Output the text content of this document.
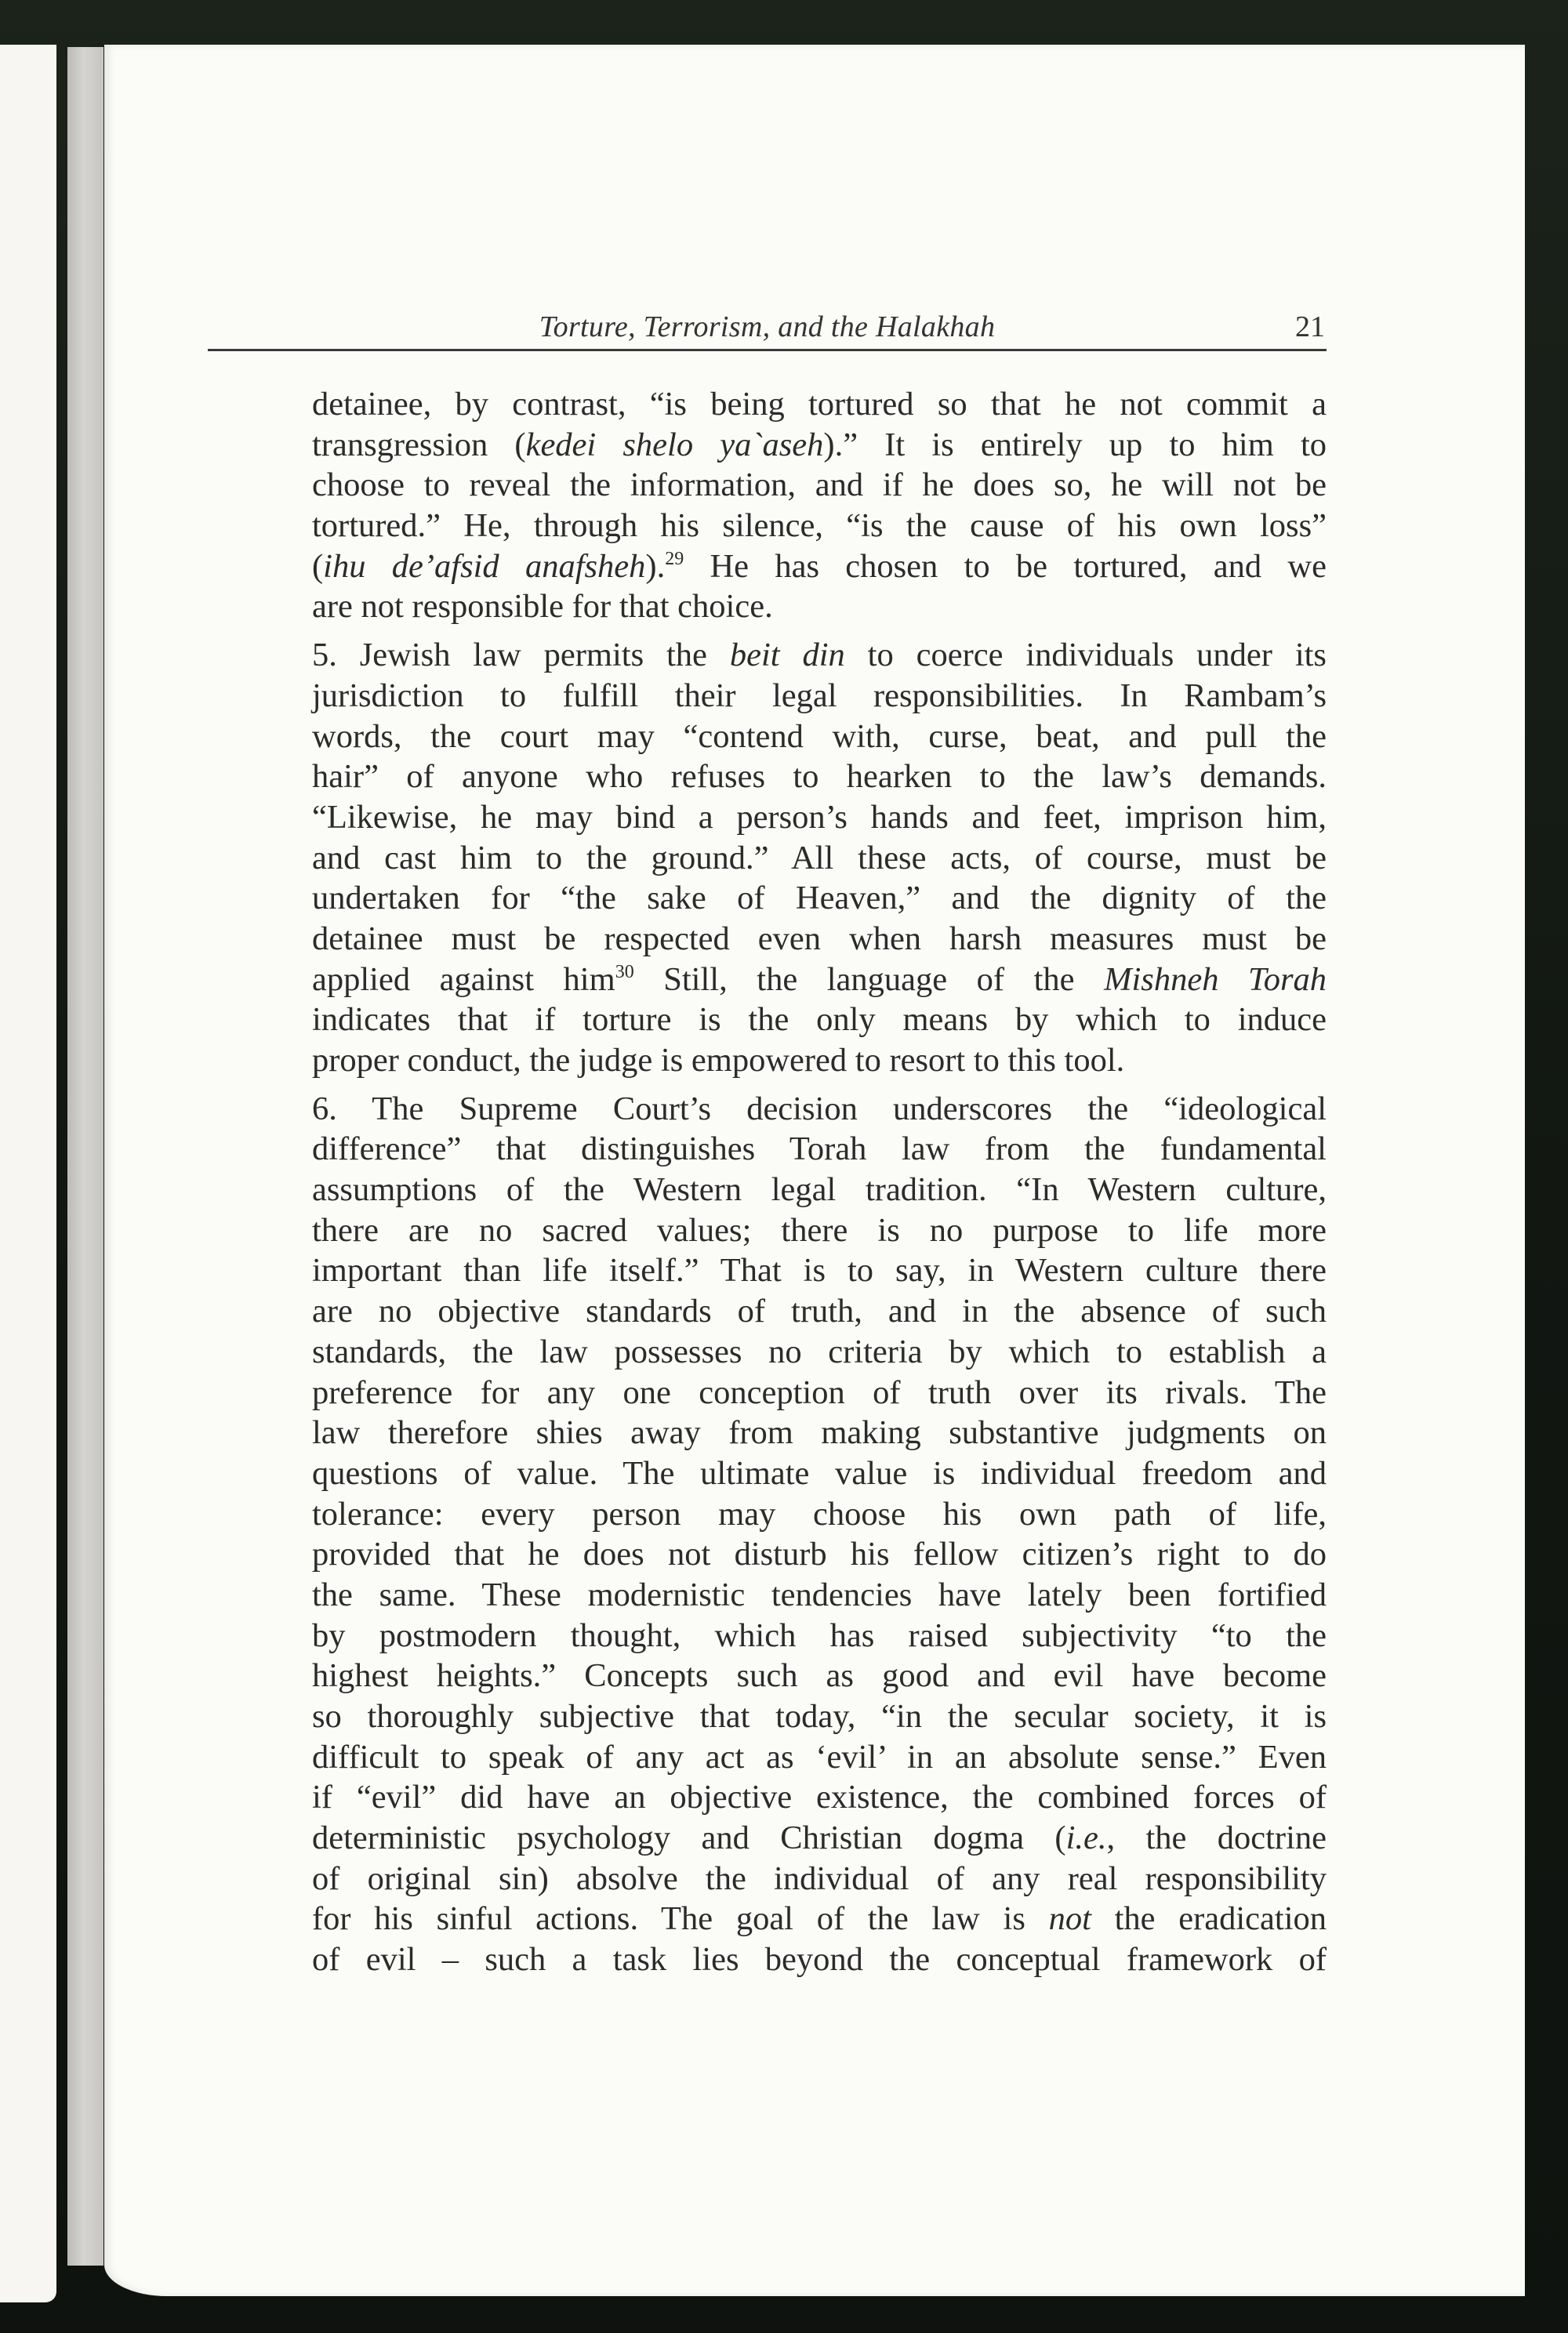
Torture, Terrorism, and the Halakhah	21
detainee, by contrast, “is being tortured so that he not commit a
transgression (kedei shelo ya`aseh).” It is entirely up to him to
choose to reveal the information, and if he does so, he will not be
tortured.” He, through his silence, “is the cause of his own loss”
(ihu de’afsid anafsheh).$^{29}$ He has chosen to be tortured, and we
are not responsible for that choice.
5. Jewish law permits the beit din to coerce individuals under its
jurisdiction to fulfill their legal responsibilities. In Rambam’s
words, the court may “contend with, curse, beat, and pull the
hair” of anyone who refuses to hearken to the law’s demands.
“Likewise, he may bind a person’s hands and feet, imprison him,
and cast him to the ground.” All these acts, of course, must be
undertaken for “the sake of Heaven,” and the dignity of the
detainee must be respected even when harsh measures must be
applied against him$^{30}$ Still, the language of the Mishneh Torah
indicates that if torture is the only means by which to induce
proper conduct, the judge is empowered to resort to this tool.
6. The Supreme Court’s decision underscores the “ideological
difference” that distinguishes Torah law from the fundamental
assumptions of the Western legal tradition. “In Western culture,
there are no sacred values; there is no purpose to life more
important than life itself.” That is to say, in Western culture there
are no objective standards of truth, and in the absence of such
standards, the law possesses no criteria by which to establish a
preference for any one conception of truth over its rivals. The
law therefore shies away from making substantive judgments on
questions of value. The ultimate value is individual freedom and
tolerance: every person may choose his own path of life,
provided that he does not disturb his fellow citizen’s right to do
the same. These modernistic tendencies have lately been fortified
by postmodern thought, which has raised subjectivity “to the
highest heights.” Concepts such as good and evil have become
so thoroughly subjective that today, “in the secular society, it is
difficult to speak of any act as ‘evil’ in an absolute sense.” Even
if “evil” did have an objective existence, the combined forces of
deterministic psychology and Christian dogma (i.e., the doctrine
of original sin) absolve the individual of any real responsibility
for his sinful actions. The goal of the law is not the eradication
of evil – such a task lies beyond the conceptual framework of
